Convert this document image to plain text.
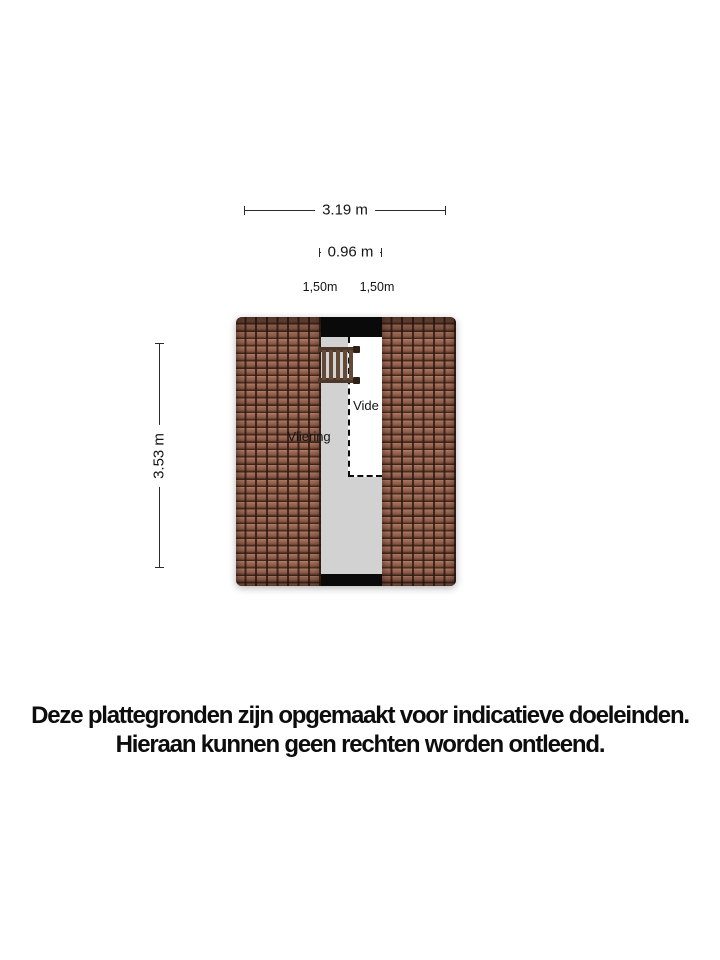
3.19 m
0.96 m
1,50m 1,50m
3.53 m	Vliering
Vide
Deze plattegronden zijn opgemaakt voor indicatieve doeleinden.
Hieraan kunnen geen rechten worden ontleend.
